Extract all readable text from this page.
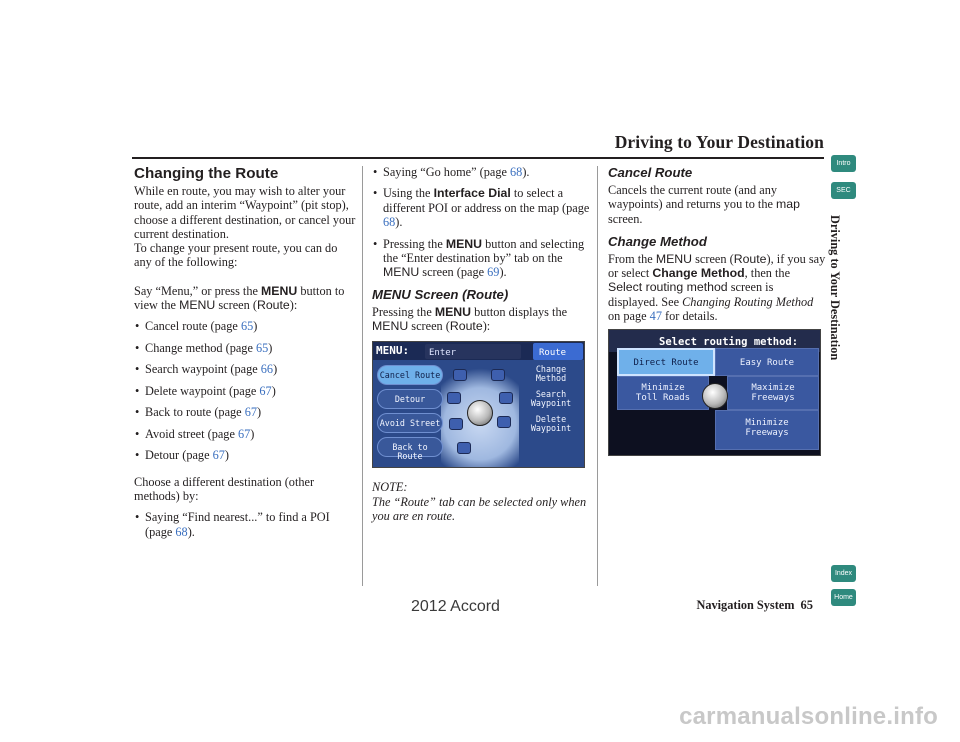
Driving to Your Destination
Changing the Route

While en route, you may wish to alter your route, add an interim “Waypoint” (pit stop), choose a different destination, or cancel your current destination.

To change your present route, you can do any of the following:

Say “Menu,” or press the MENU button to view the MENU screen (Route):

• Cancel route (page 65)
• Change method (page 65)
• Search waypoint (page 66)
• Delete waypoint (page 67)
• Back to route (page 67)
• Avoid street (page 67)
• Detour (page 67)

Choose a different destination (other methods) by:

• Saying “Find nearest...” to find a POI
(page 68).
• Saying “Go home” (page 68).
• Using the Interface Dial to select a different POI or address on the map (page 68).
• Pressing the MENU button and selecting the “Enter destination by” tab on the MENU screen (page 69).
MENU Screen (Route)

Pressing the MENU button displays the MENU screen (Route):

MENU:	Enter	Route
Cancel Route
Detour
Avoid Street
Back to Route
Change Method
Search Waypoint
Delete Waypoint

NOTE:

The “Route” tab can be selected only when you are en route.

Cancel Route

Cancels the current route (and any waypoints) and returns you to the map screen.

Change Method

From the MENU screen (Route), if you say or select Change Method, then the Select routing method screen is displayed. See Changing Routing Method on page 47 for details.

Select routing method:
Direct Route	Easy Route
Minimize Toll Roads
Maximize Freeways
Minimize Freeways
Intro
SEC
Driving to Your Destination
Index
Home
2012 Accord	Navigation System 65
carmanualsonline.info
